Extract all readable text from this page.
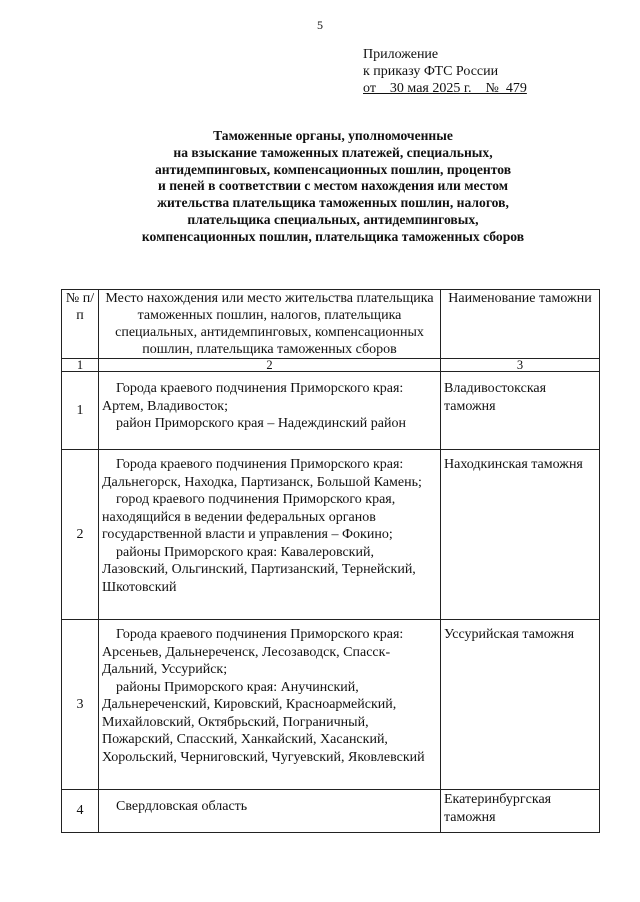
5
Приложение
к приказу ФТС России
от    30 мая 2025 г.    №  479
Таможенные органы, уполномоченные
на взыскание таможенных платежей, специальных,
антидемпинговых, компенсационных пошлин, процентов
и пеней в соответствии с местом нахождения или местом
жительства плательщика таможенных пошлин, налогов,
плательщика специальных, антидемпинговых,
компенсационных пошлин, плательщика таможенных сборов
№ п/п	Место нахождения или место жительства плательщика таможенных пошлин, налогов, плательщика специальных, антидемпинговых, компенсационных пошлин, плательщика таможенных сборов	Наименование таможни
1	2	3
1	Города краевого подчинения Приморского края: Артем, Владивосток;
район Приморского края – Надеждинский район	Владивостокская таможня
2	Города краевого подчинения Приморского края: Дальнегорск, Находка, Партизанск, Большой Камень;
город краевого подчинения Приморского края, находящийся в ведении федеральных органов государственной власти и управления – Фокино;
районы Приморского края: Кавалеровский, Лазовский, Ольгинский, Партизанский, Тернейский, Шкотовский	Находкинская таможня
3	Города краевого подчинения Приморского края: Арсеньев, Дальнереченск, Лесозаводск, Спасск-Дальний, Уссурийск;
районы Приморского края: Анучинский, Дальнереченский, Кировский, Красноармейский, Михайловский, Октябрьский, Пограничный, Пожарский, Спасский, Ханкайский, Хасанский, Хорольский, Черниговский, Чугуевский, Яковлевский	Уссурийская таможня
4	Свердловская область	Екатеринбургская таможня
